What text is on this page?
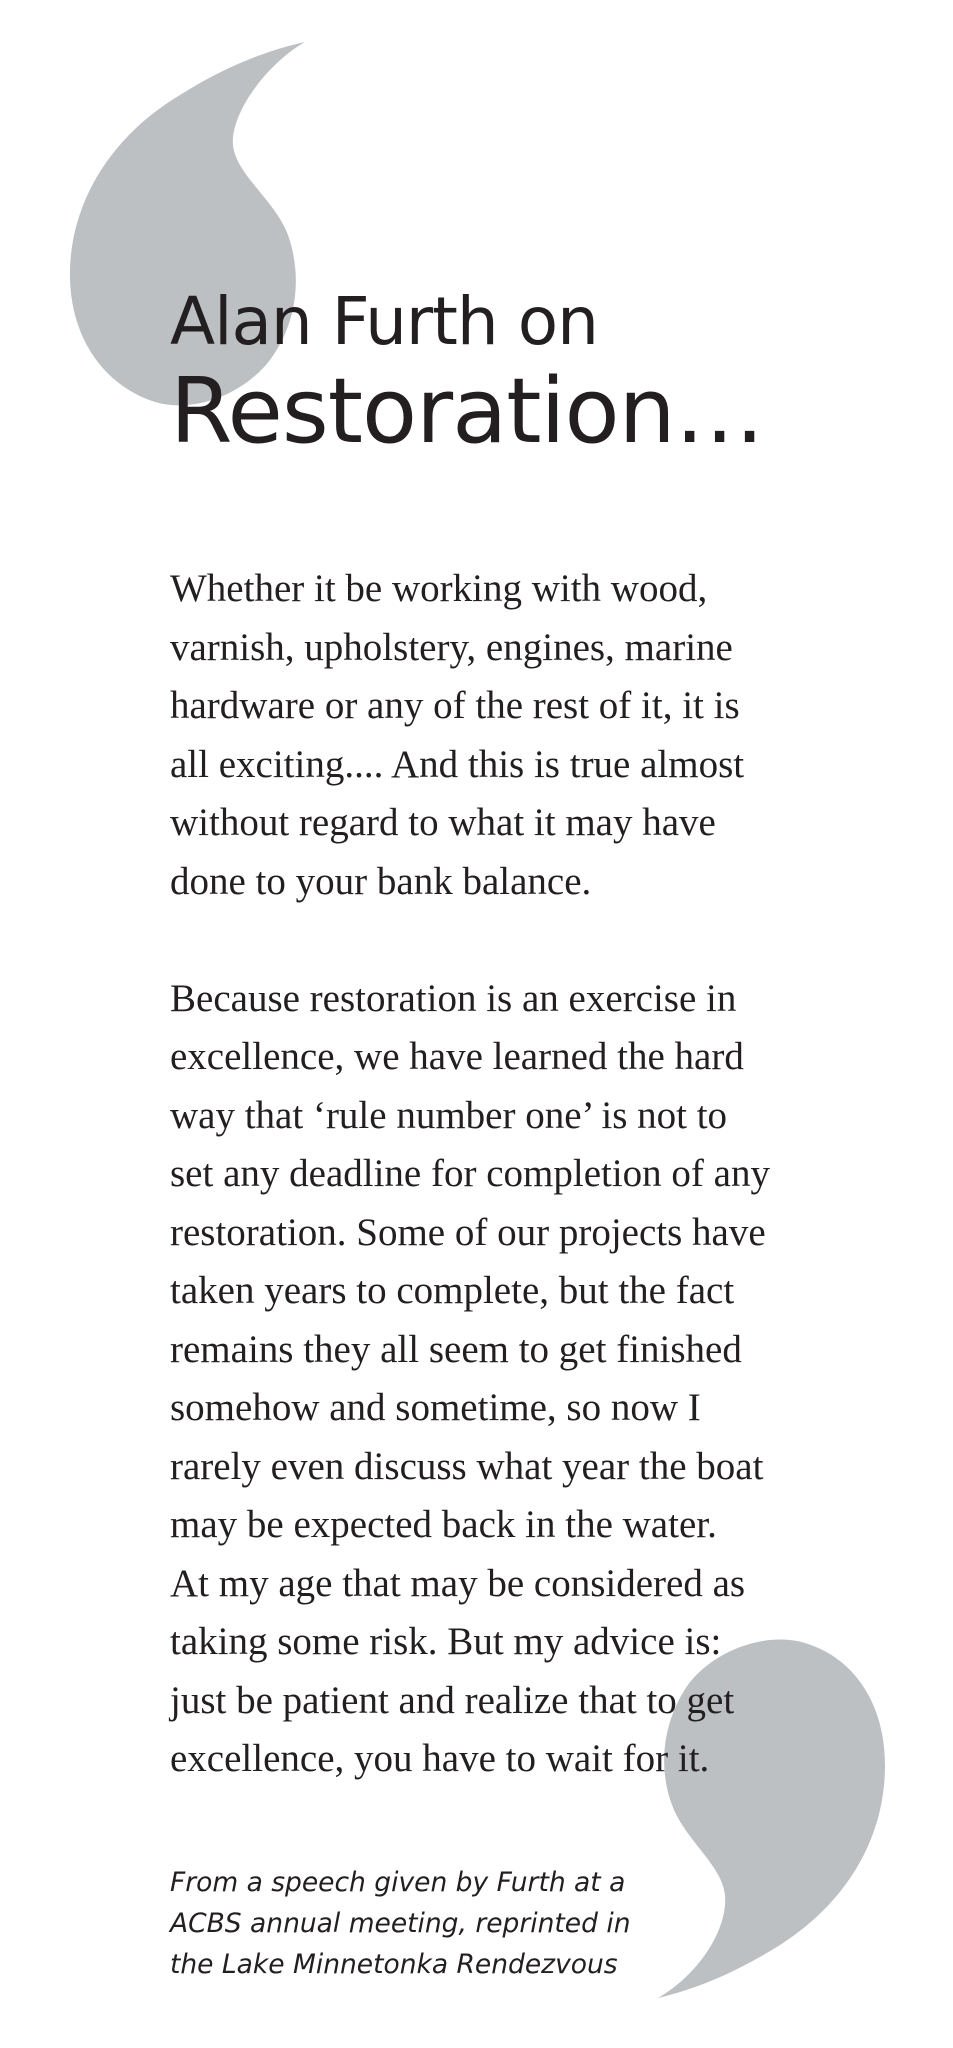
Alan Furth on
Restoration…

Whether it be working with wood,
varnish, upholstery, engines, marine
hardware or any of the rest of it, it is
all exciting.... And this is true almost
without regard to what it may have
done to your bank balance.

Because restoration is an exercise in
excellence, we have learned the hard
way that ‘rule number one’ is not to
set any deadline for completion of any
restoration. Some of our projects have
taken years to complete, but the fact
remains they all seem to get finished
somehow and sometime, so now I
rarely even discuss what year the boat
may be expected back in the water.
At my age that may be considered as
taking some risk. But my advice is:
just be patient and realize that to get
excellence, you have to wait for it.

From a speech given by Furth at a
ACBS annual meeting, reprinted in
the Lake Minnetonka Rendezvous
